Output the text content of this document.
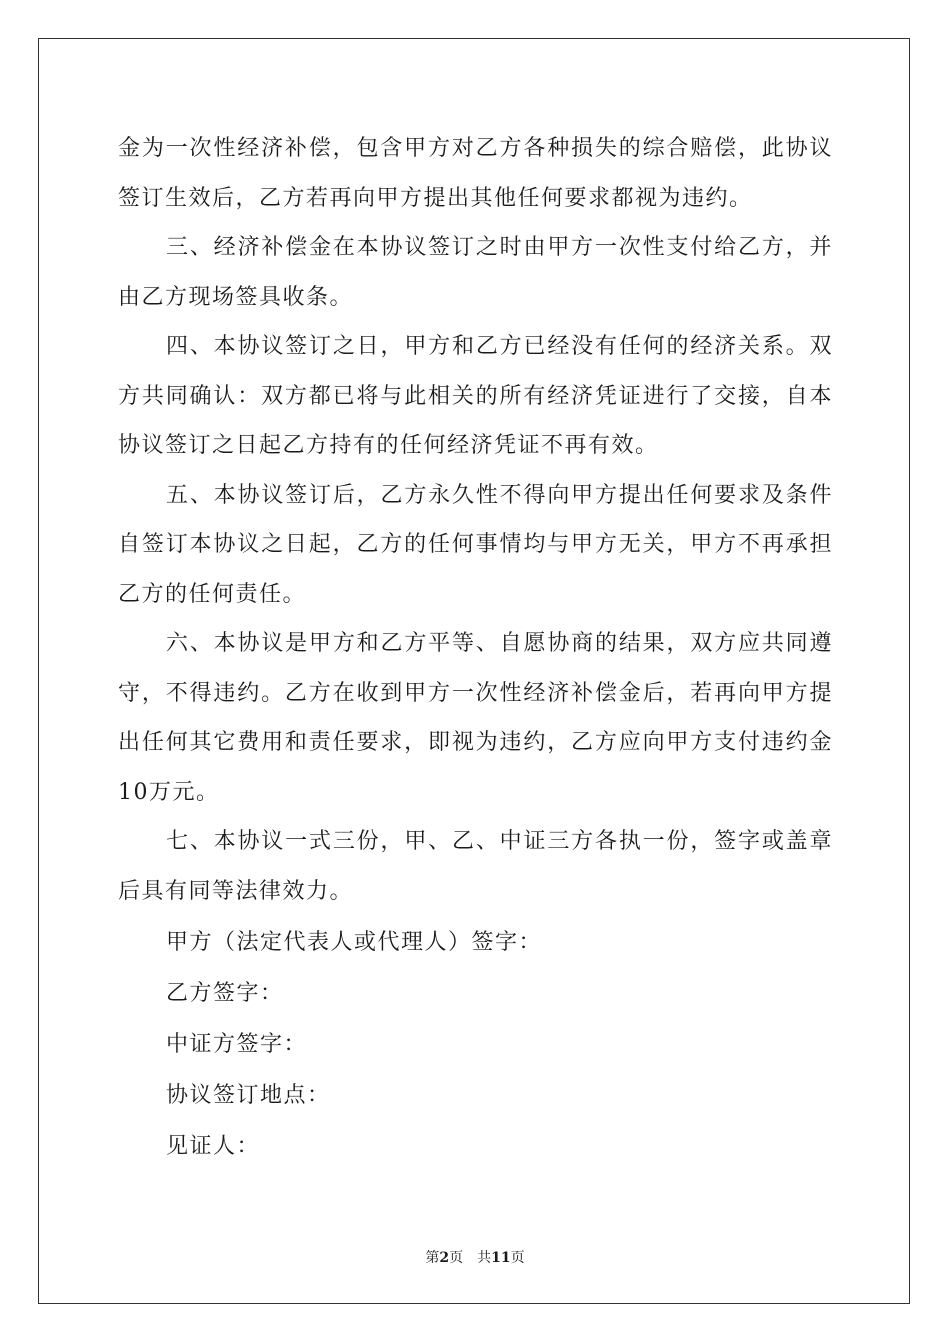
金为一次性经济补偿，包含甲方对乙方各种损失的综合赔偿，此协议签订生效后，乙方若再向甲方提出其他任何要求都视为违约。

三、经济补偿金在本协议签订之时由甲方一次性支付给乙方，并由乙方现场签具收条。

四、本协议签订之日，甲方和乙方已经没有任何的经济关系。双方共同确认：双方都已将与此相关的所有经济凭证进行了交接，自本协议签订之日起乙方持有的任何经济凭证不再有效。

五、本协议签订后，乙方永久性不得向甲方提出任何要求及条件自签订本协议之日起，乙方的任何事情均与甲方无关，甲方不再承担乙方的任何责任。

六、本协议是甲方和乙方平等、自愿协商的结果，双方应共同遵守，不得违约。乙方在收到甲方一次性经济补偿金后，若再向甲方提出任何其它费用和责任要求，即视为违约，乙方应向甲方支付违约金10万元。

七、本协议一式三份，甲、乙、中证三方各执一份，签字或盖章后具有同等法律效力。

甲方（法定代表人或代理人）签字：

乙方签字：

中证方签字：

协议签订地点：

见证人：

第2页 共11页
